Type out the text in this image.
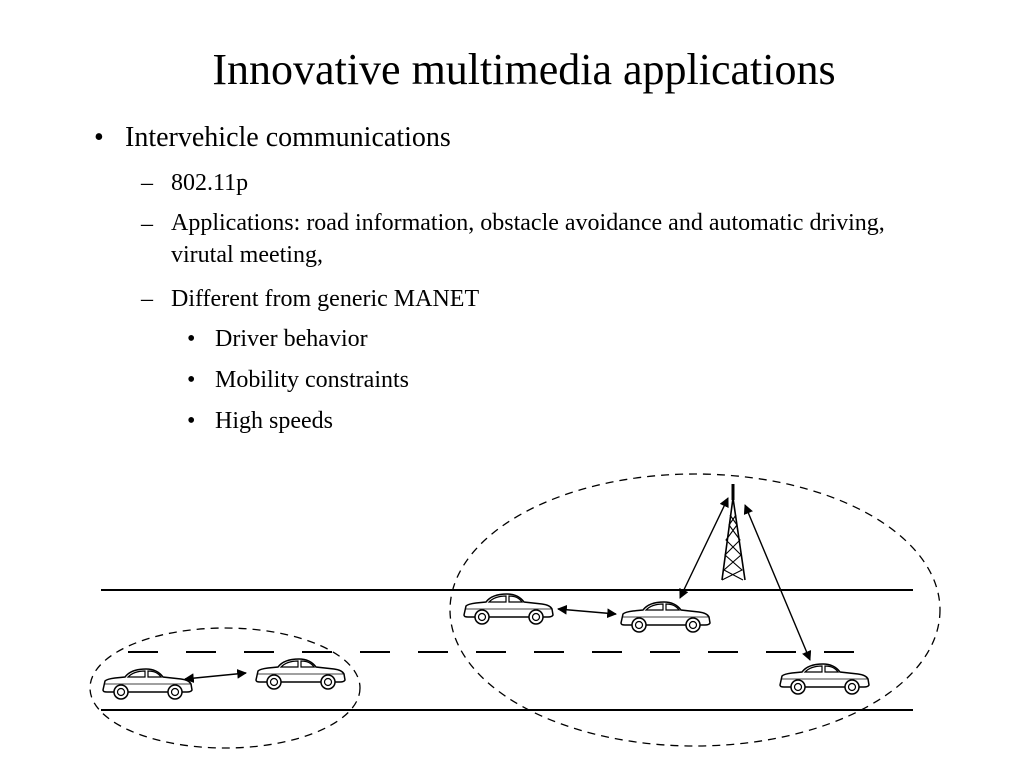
Innovative multimedia applications
• Intervehicle communications
– 802.11p
– Applications: road information, obstacle avoidance and automatic driving, virutal meeting,
– Different from generic MANET
• Driver behavior
• Mobility constraints
• High speeds
